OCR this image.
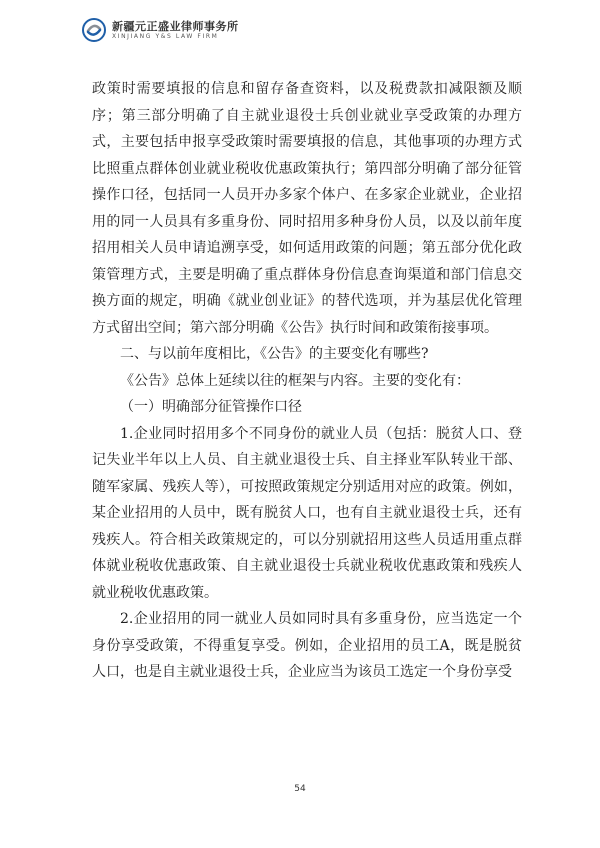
新疆元正盛业律师事务所
XINJIANG Y&S LAW FIRM

政策时需要填报的信息和留存备查资料，以及税费款扣减限额及顺序；第三部分明确了自主就业退役士兵创业就业享受政策的办理方式，主要包括申报享受政策时需要填报的信息，其他事项的办理方式比照重点群体创业就业税收优惠政策执行；第四部分明确了部分征管操作口径，包括同一人员开办多家个体户、在多家企业就业，企业招用的同一人员具有多重身份、同时招用多种身份人员，以及以前年度招用相关人员申请追溯享受，如何适用政策的问题；第五部分优化政策管理方式，主要是明确了重点群体身份信息查询渠道和部门信息交换方面的规定，明确《就业创业证》的替代选项，并为基层优化管理方式留出空间；第六部分明确《公告》执行时间和政策衔接事项。

二、与以前年度相比，《公告》的主要变化有哪些?

《公告》总体上延续以往的框架与内容。主要的变化有：

（一）明确部分征管操作口径

1.企业同时招用多个不同身份的就业人员（包括：脱贫人口、登记失业半年以上人员、自主就业退役士兵、自主择业军队转业干部、随军家属、残疾人等），可按照政策规定分别适用对应的政策。例如，某企业招用的人员中，既有脱贫人口，也有自主就业退役士兵，还有残疾人。符合相关政策规定的，可以分别就招用这些人员适用重点群体就业税收优惠政策、自主就业退役士兵就业税收优惠政策和残疾人就业税收优惠政策。

2.企业招用的同一就业人员如同时具有多重身份，应当选定一个身份享受政策，不得重复享受。例如，企业招用的员工A，既是脱贫人口，也是自主就业退役士兵，企业应当为该员工选定一个身份享受

54
